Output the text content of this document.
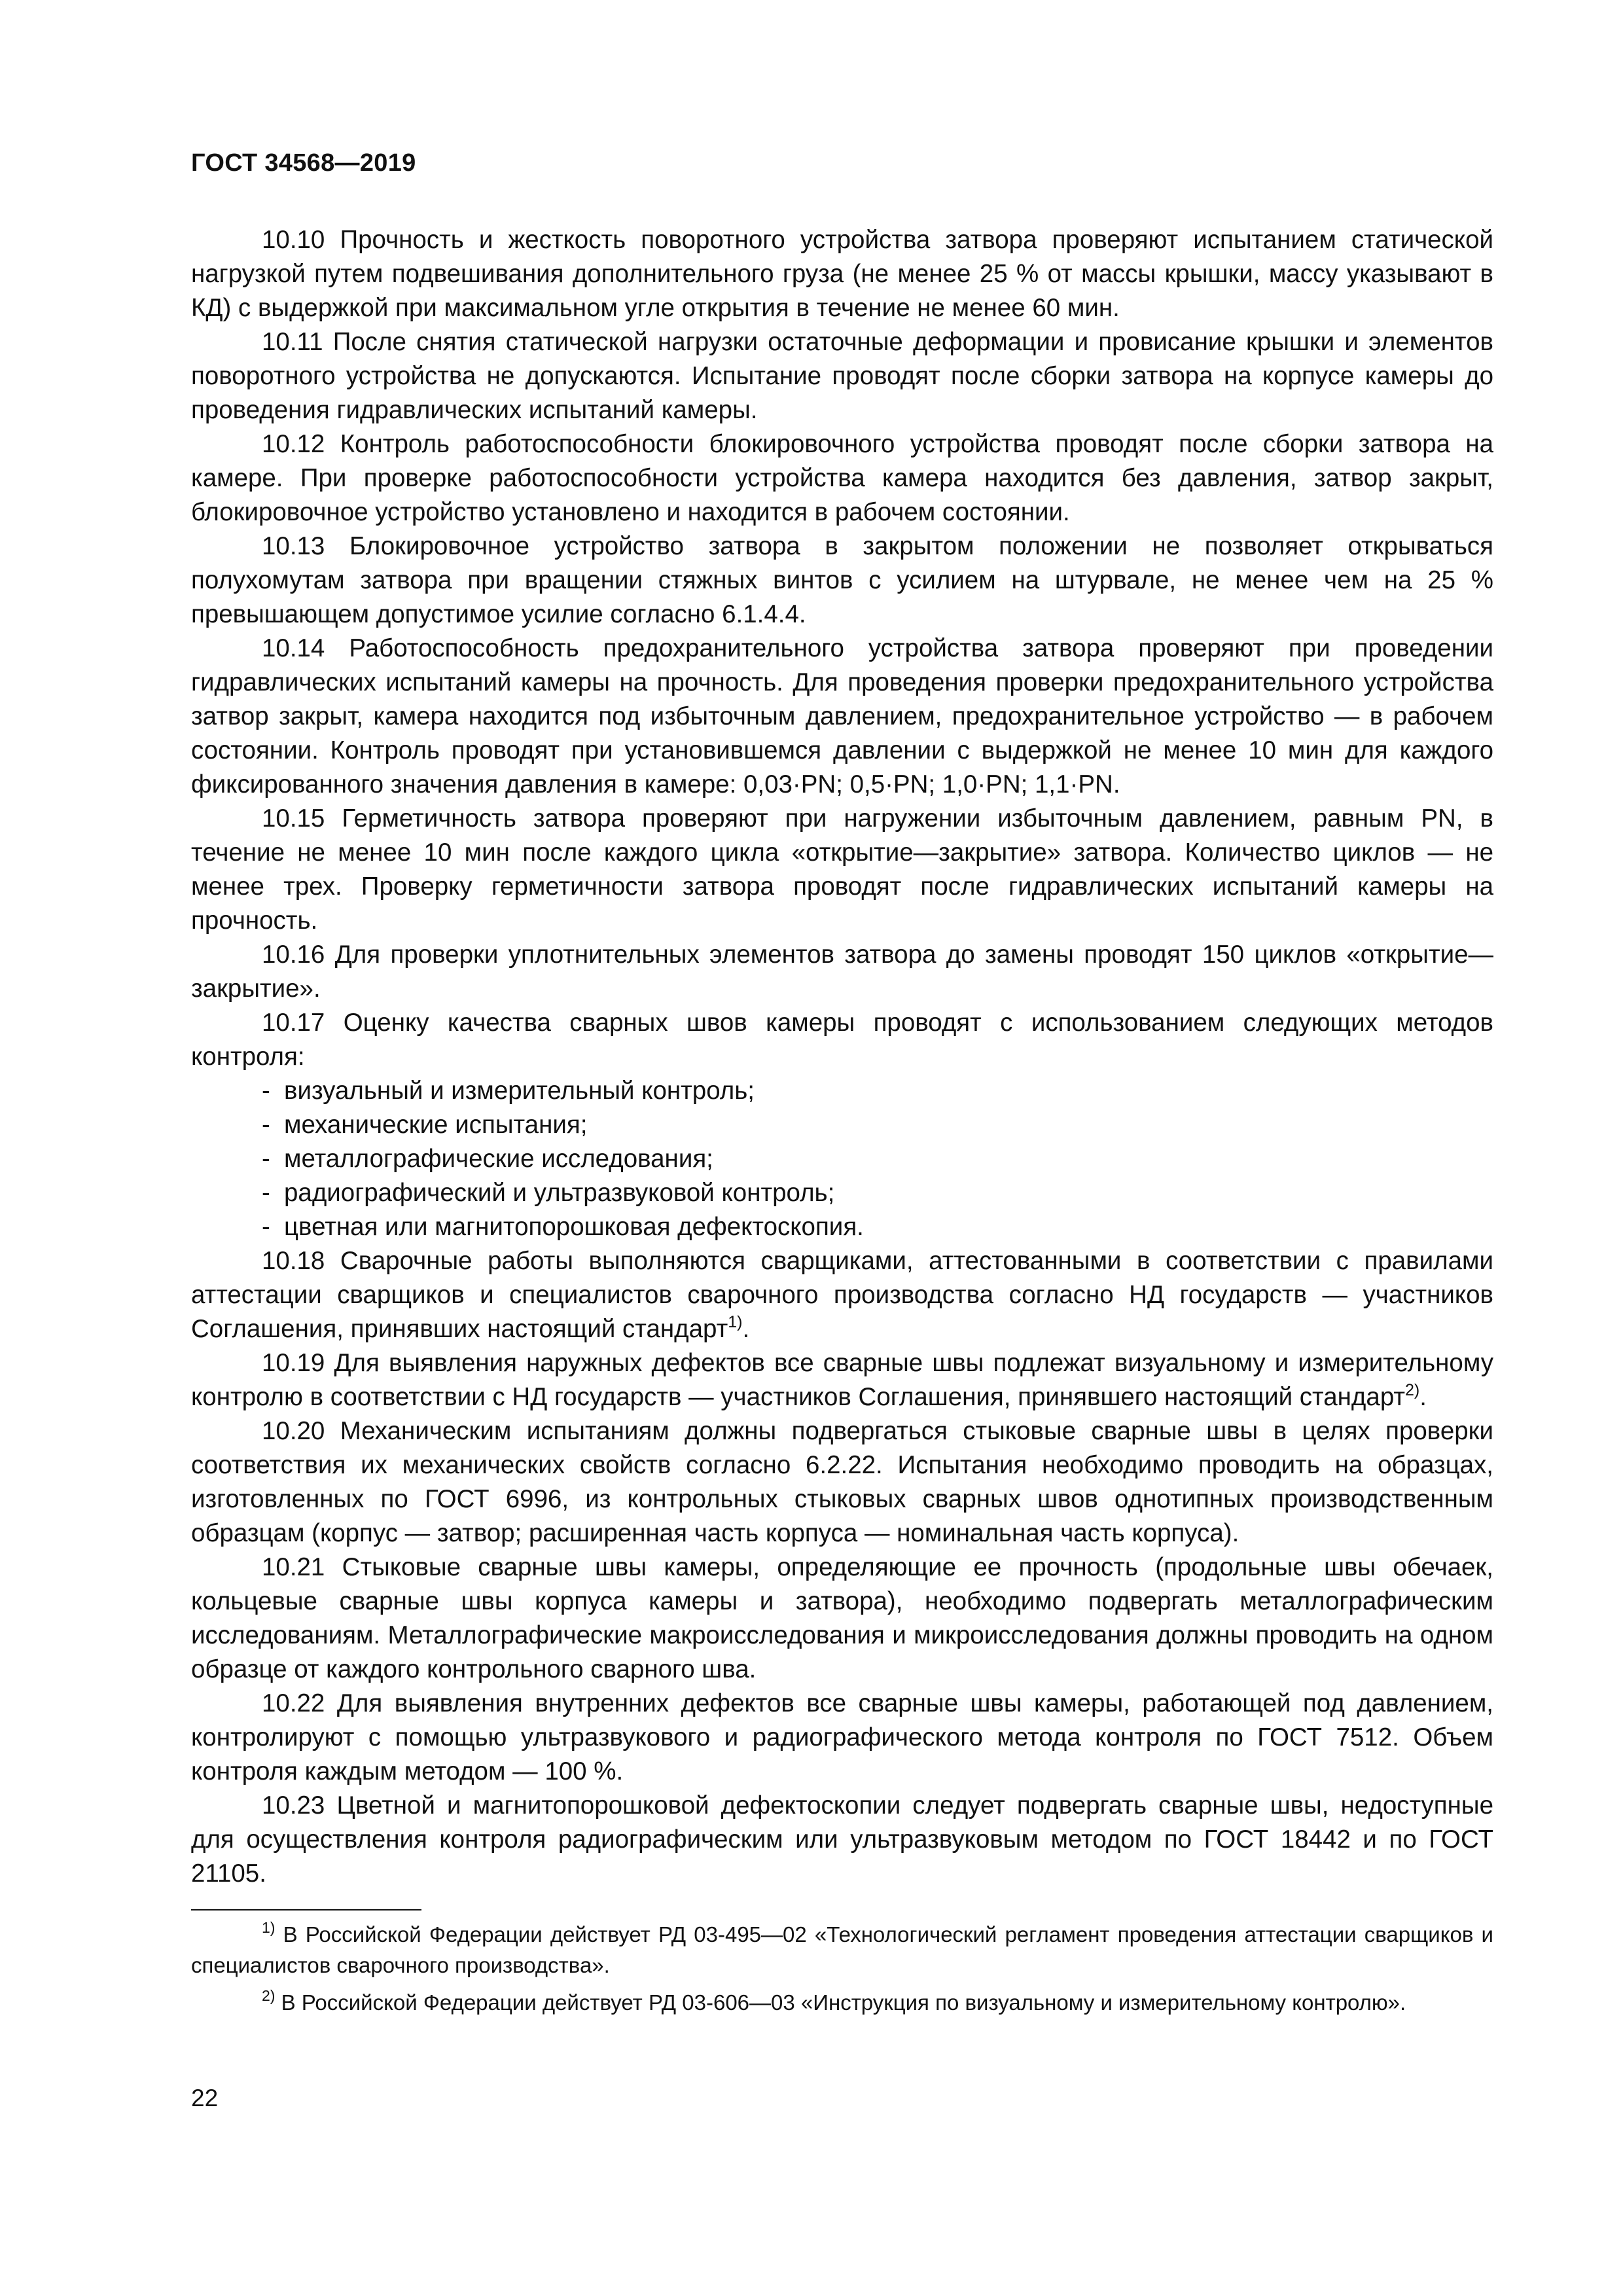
ГОСТ 34568—2019

10.10 Прочность и жесткость поворотного устройства затвора проверяют испытанием статической нагрузкой путем подвешивания дополнительного груза (не менее 25 % от массы крышки, массу указывают в КД) с выдержкой при максимальном угле открытия в течение не менее 60 мин.

10.11 После снятия статической нагрузки остаточные деформации и провисание крышки и элементов поворотного устройства не допускаются. Испытание проводят после сборки затвора на корпусе камеры до проведения гидравлических испытаний камеры.

10.12 Контроль работоспособности блокировочного устройства проводят после сборки затвора на камере. При проверке работоспособности устройства камера находится без давления, затвор закрыт, блокировочное устройство установлено и находится в рабочем состоянии.

10.13 Блокировочное устройство затвора в закрытом положении не позволяет открываться полухомутам затвора при вращении стяжных винтов с усилием на штурвале, не менее чем на 25 % превышающем допустимое усилие согласно 6.1.4.4.

10.14 Работоспособность предохранительного устройства затвора проверяют при проведении гидравлических испытаний камеры на прочность. Для проведения проверки предохранительного устройства затвор закрыт, камера находится под избыточным давлением, предохранительное устройство — в рабочем состоянии. Контроль проводят при установившемся давлении с выдержкой не менее 10 мин для каждого фиксированного значения давления в камере: 0,03·PN; 0,5·PN; 1,0·PN; 1,1·PN.

10.15 Герметичность затвора проверяют при нагружении избыточным давлением, равным PN, в течение не менее 10 мин после каждого цикла «открытие—закрытие» затвора. Количество циклов — не менее трех. Проверку герметичности затвора проводят после гидравлических испытаний камеры на прочность.

10.16 Для проверки уплотнительных элементов затвора до замены проводят 150 циклов «открытие—закрытие».

10.17 Оценку качества сварных швов камеры проводят с использованием следующих методов контроля:

- визуальный и измерительный контроль;
- механические испытания;
- металлографические исследования;
- радиографический и ультразвуковой контроль;
- цветная или магнитопорошковая дефектоскопия.

10.18 Сварочные работы выполняются сварщиками, аттестованными в соответствии с правилами аттестации сварщиков и специалистов сварочного производства согласно НД государств — участников Соглашения, принявших настоящий стандарт$^{1)}$.

10.19 Для выявления наружных дефектов все сварные швы подлежат визуальному и измерительному контролю в соответствии с НД государств — участников Соглашения, принявшего настоящий стандарт$^{2)}$.

10.20 Механическим испытаниям должны подвергаться стыковые сварные швы в целях проверки соответствия их механических свойств согласно 6.2.22. Испытания необходимо проводить на образцах, изготовленных по ГОСТ 6996, из контрольных стыковых сварных швов однотипных производственным образцам (корпус — затвор; расширенная часть корпуса — номинальная часть корпуса).

10.21 Стыковые сварные швы камеры, определяющие ее прочность (продольные швы обечаек, кольцевые сварные швы корпуса камеры и затвора), необходимо подвергать металлографическим исследованиям. Металлографические макроисследования и микроисследования должны проводить на одном образце от каждого контрольного сварного шва.

10.22 Для выявления внутренних дефектов все сварные швы камеры, работающей под давлением, контролируют с помощью ультразвукового и радиографического метода контроля по ГОСТ 7512. Объем контроля каждым методом — 100 %.

10.23 Цветной и магнитопорошковой дефектоскопии следует подвергать сварные швы, недоступные для осуществления контроля радиографическим или ультразвуковым методом по ГОСТ 18442 и по ГОСТ 21105.

$^{1)}$ В Российской Федерации действует РД 03-495—02 «Технологический регламент проведения аттестации сварщиков и специалистов сварочного производства».

$^{2)}$ В Российской Федерации действует РД 03-606—03 «Инструкция по визуальному и измерительному контролю».

22
